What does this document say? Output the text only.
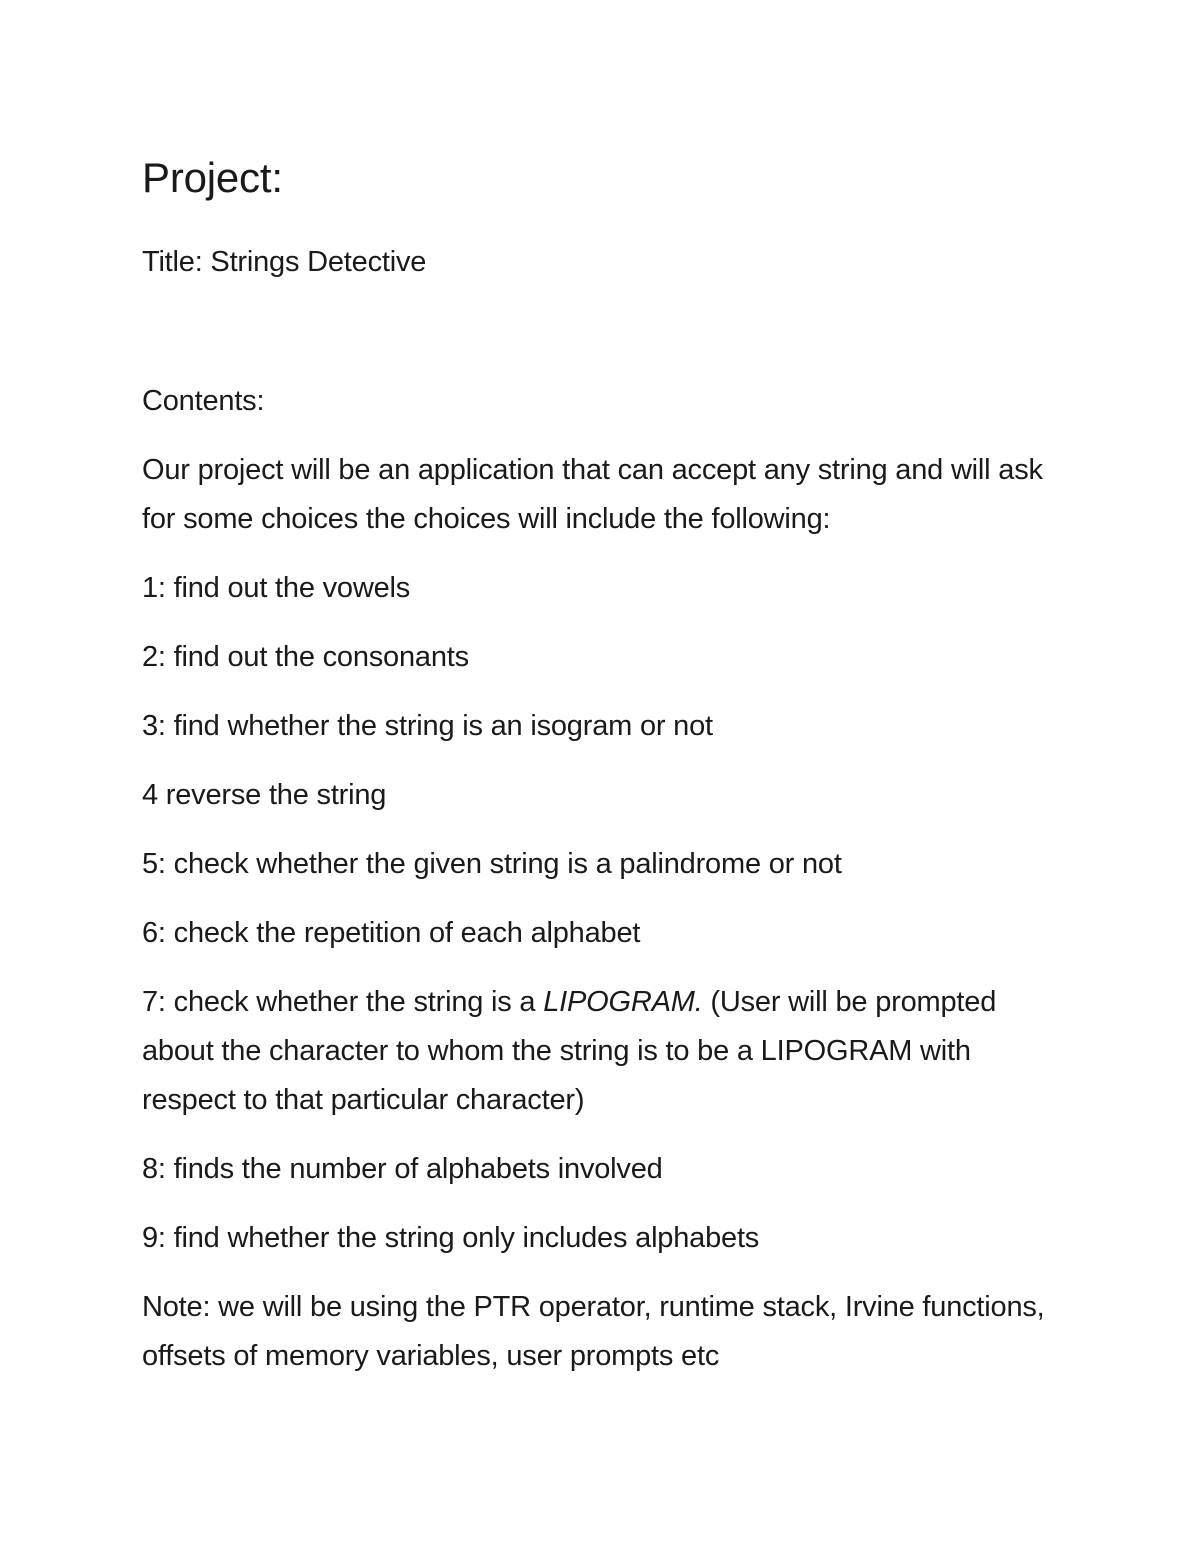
Project:

Title: Strings Detective

Contents:

Our project will be an application that can accept any string and will ask for some choices the choices will include the following:

1: find out the vowels

2: find out the consonants

3: find whether the string is an isogram or not

4 reverse the string

5: check whether the given string is a palindrome or not

6: check the repetition of each alphabet

7: check whether the string is a LIPOGRAM. (User will be prompted about the character to whom the string is to be a LIPOGRAM with respect to that particular character)

8: finds the number of alphabets involved

9: find whether the string only includes alphabets

Note: we will be using the PTR operator, runtime stack, Irvine functions, offsets of memory variables, user prompts etc
